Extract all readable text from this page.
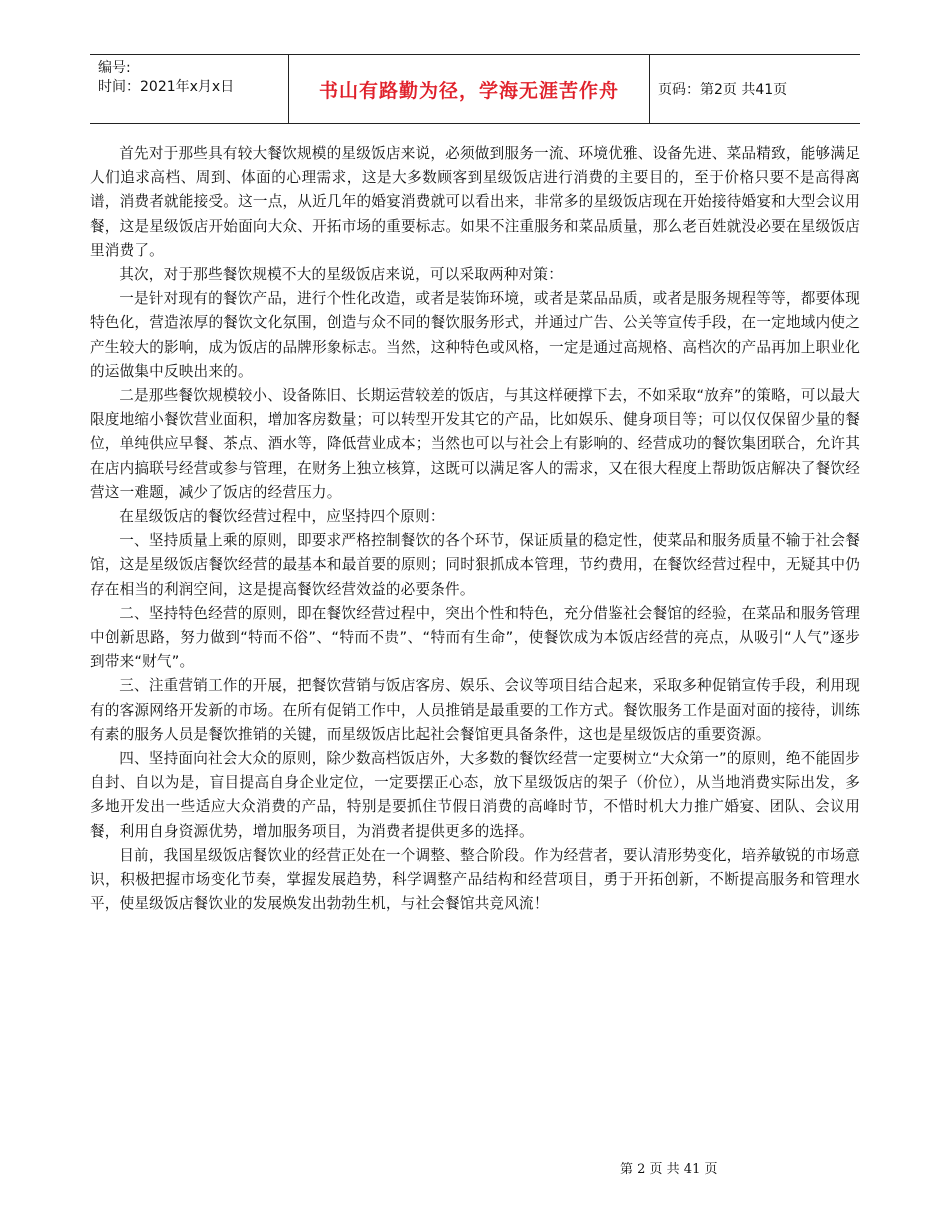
编号:
时间：2021年x月x日	书山有路勤为径，学海无涯苦作舟	页码：第2页 共41页

首先对于那些具有较大餐饮规模的星级饭店来说，必须做到服务一流、环境优雅、设备先进、菜品精致，能够满足人们追求高档、周到、体面的心理需求，这是大多数顾客到星级饭店进行消费的主要目的，至于价格只要不是高得离谱，消费者就能接受。这一点，从近几年的婚宴消费就可以看出来，非常多的星级饭店现在开始接待婚宴和大型会议用餐，这是星级饭店开始面向大众、开拓市场的重要标志。如果不注重服务和菜品质量，那么老百姓就没必要在星级饭店里消费了。

其次，对于那些餐饮规模不大的星级饭店来说，可以采取两种对策：

一是针对现有的餐饮产品，进行个性化改造，或者是装饰环境，或者是菜品品质，或者是服务规程等等，都要体现特色化，营造浓厚的餐饮文化氛围，创造与众不同的餐饮服务形式，并通过广告、公关等宣传手段，在一定地域内使之产生较大的影响，成为饭店的品牌形象标志。当然，这种特色或风格，一定是通过高规格、高档次的产品再加上职业化的运做集中反映出来的。

二是那些餐饮规模较小、设备陈旧、长期运营较差的饭店，与其这样硬撑下去，不如采取“放弃”的策略，可以最大限度地缩小餐饮营业面积，增加客房数量；可以转型开发其它的产品，比如娱乐、健身项目等；可以仅仅保留少量的餐位，单纯供应早餐、茶点、酒水等，降低营业成本；当然也可以与社会上有影响的、经营成功的餐饮集团联合，允许其在店内搞联号经营或参与管理，在财务上独立核算，这既可以满足客人的需求，又在很大程度上帮助饭店解决了餐饮经营这一难题，减少了饭店的经营压力。

在星级饭店的餐饮经营过程中，应坚持四个原则：

一、坚持质量上乘的原则，即要求严格控制餐饮的各个环节，保证质量的稳定性，使菜品和服务质量不输于社会餐馆，这是星级饭店餐饮经营的最基本和最首要的原则；同时狠抓成本管理，节约费用，在餐饮经营过程中，无疑其中仍存在相当的利润空间，这是提高餐饮经营效益的必要条件。

二、坚持特色经营的原则，即在餐饮经营过程中，突出个性和特色，充分借鉴社会餐馆的经验，在菜品和服务管理中创新思路，努力做到“特而不俗”、“特而不贵”、“特而有生命”，使餐饮成为本饭店经营的亮点，从吸引“人气”逐步到带来“财气”。

三、注重营销工作的开展，把餐饮营销与饭店客房、娱乐、会议等项目结合起来，采取多种促销宣传手段，利用现有的客源网络开发新的市场。在所有促销工作中，人员推销是最重要的工作方式。餐饮服务工作是面对面的接待，训练有素的服务人员是餐饮推销的关键，而星级饭店比起社会餐馆更具备条件，这也是星级饭店的重要资源。

四、坚持面向社会大众的原则，除少数高档饭店外，大多数的餐饮经营一定要树立“大众第一”的原则，绝不能固步自封、自以为是，盲目提高自身企业定位，一定要摆正心态，放下星级饭店的架子（价位），从当地消费实际出发，多多地开发出一些适应大众消费的产品，特别是要抓住节假日消费的高峰时节，不惜时机大力推广婚宴、团队、会议用餐，利用自身资源优势，增加服务项目，为消费者提供更多的选择。

目前，我国星级饭店餐饮业的经营正处在一个调整、整合阶段。作为经营者，要认清形势变化，培养敏锐的市场意识，积极把握市场变化节奏，掌握发展趋势，科学调整产品结构和经营项目，勇于开拓创新，不断提高服务和管理水平，使星级饭店餐饮业的发展焕发出勃勃生机，与社会餐馆共竞风流！

第 2 页 共 41 页
